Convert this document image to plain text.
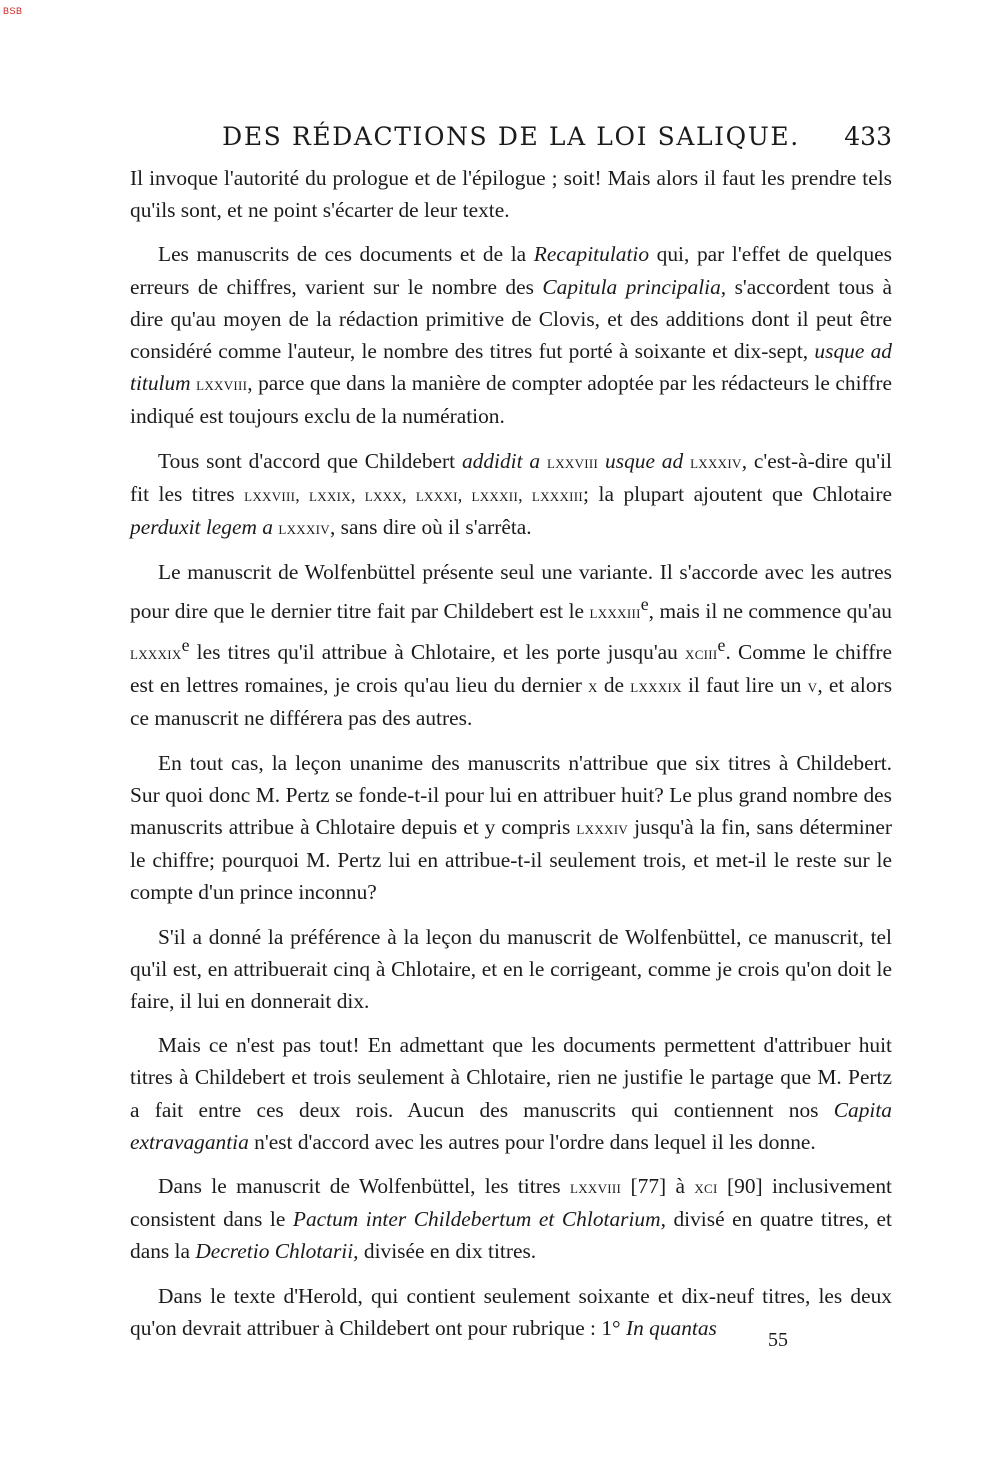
BSB
DES RÉDACTIONS DE LA LOI SALIQUE.	433

Il invoque l'autorité du prologue et de l'épilogue ; soit! Mais alors il faut les prendre tels qu'ils sont, et ne point s'écarter de leur texte.

Les manuscrits de ces documents et de la Recapitulatio qui, par l'effet de quelques erreurs de chiffres, varient sur le nombre des Capitula principalia, s'accordent tous à dire qu'au moyen de la rédaction primitive de Clovis, et des additions dont il peut être considéré comme l'auteur, le nombre des titres fut porté à soixante et dix-sept, usque ad titulum lxxviii, parce que dans la manière de compter adoptée par les rédacteurs le chiffre indiqué est toujours exclu de la numération.

Tous sont d'accord que Childebert addidit a lxxviii usque ad lxxxiv, c'est-à-dire qu'il fit les titres lxxviii, lxxix, lxxx, lxxxi, lxxxii, lxxxiii; la plupart ajoutent que Chlotaire perduxit legem a lxxxiv, sans dire où il s'arrêta.

Le manuscrit de Wolfenbüttel présente seul une variante. Il s'accorde avec les autres pour dire que le dernier titre fait par Childebert est le lxxxiii$^e$, mais il ne commence qu'au lxxxix$^e$ les titres qu'il attribue à Chlotaire, et les porte jusqu'au xciii$^e$. Comme le chiffre est en lettres romaines, je crois qu'au lieu du dernier x de lxxxix il faut lire un v, et alors ce manuscrit ne différera pas des autres.

En tout cas, la leçon unanime des manuscrits n'attribue que six titres à Childebert. Sur quoi donc M. Pertz se fonde-t-il pour lui en attribuer huit? Le plus grand nombre des manuscrits attribue à Chlotaire depuis et y compris lxxxiv jusqu'à la fin, sans déterminer le chiffre; pourquoi M. Pertz lui en attribue-t-il seulement trois, et met-il le reste sur le compte d'un prince inconnu?

S'il a donné la préférence à la leçon du manuscrit de Wolfenbüttel, ce manuscrit, tel qu'il est, en attribuerait cinq à Chlotaire, et en le corrigeant, comme je crois qu'on doit le faire, il lui en donnerait dix.

Mais ce n'est pas tout! En admettant que les documents permettent d'attribuer huit titres à Childebert et trois seulement à Chlotaire, rien ne justifie le partage que M. Pertz a fait entre ces deux rois. Aucun des manuscrits qui contiennent nos Capita extravagantia n'est d'accord avec les autres pour l'ordre dans lequel il les donne.

Dans le manuscrit de Wolfenbüttel, les titres lxxviii [77] à xci [90] inclusivement consistent dans le Pactum inter Childebertum et Chlotarium, divisé en quatre titres, et dans la Decretio Chlotarii, divisée en dix titres.

Dans le texte d'Herold, qui contient seulement soixante et dix-neuf titres, les deux qu'on devrait attribuer à Childebert ont pour rubrique : 1° In quantas

55
